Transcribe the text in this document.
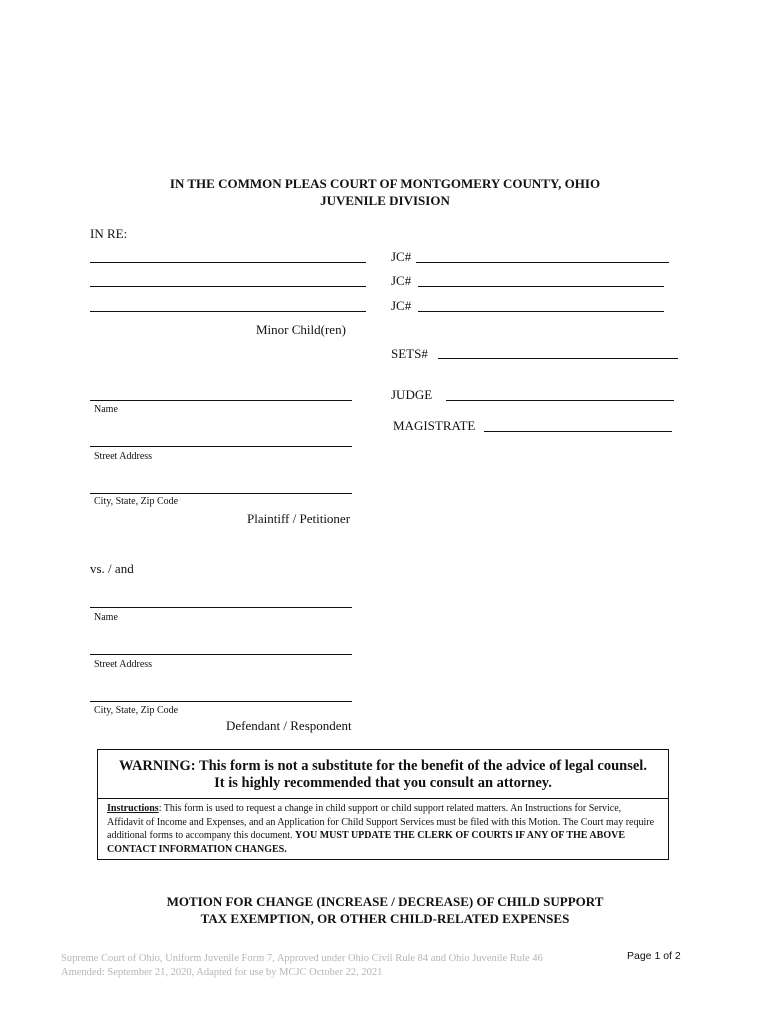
IN THE COMMON PLEAS COURT OF MONTGOMERY COUNTY, OHIO
JUVENILE DIVISION
IN RE:
JC#
JC#
JC#
Minor Child(ren)
SETS#
Name
JUDGE
MAGISTRATE
Street Address
City, State, Zip Code
Plaintiff / Petitioner
vs. / and
Name
Street Address
City, State, Zip Code
Defendant / Respondent
WARNING: This form is not a substitute for the benefit of the advice of legal counsel.
It is highly recommended that you consult an attorney.
Instructions: This form is used to request a change in child support or child support related matters. An Instructions for Service, Affidavit of Income and Expenses, and an Application for Child Support Services must be filed with this Motion. The Court may require additional forms to accompany this document. YOU MUST UPDATE THE CLERK OF COURTS IF ANY OF THE ABOVE CONTACT INFORMATION CHANGES.
MOTION FOR CHANGE (INCREASE / DECREASE) OF CHILD SUPPORT
TAX EXEMPTION, OR OTHER CHILD-RELATED EXPENSES
Supreme Court of Ohio, Uniform Juvenile Form 7, Approved under Ohio Civil Rule 84 and Ohio Juvenile Rule 46
Amended: September 21, 2020, Adapted for use by MCJC October 22, 2021
Page 1 of 2
